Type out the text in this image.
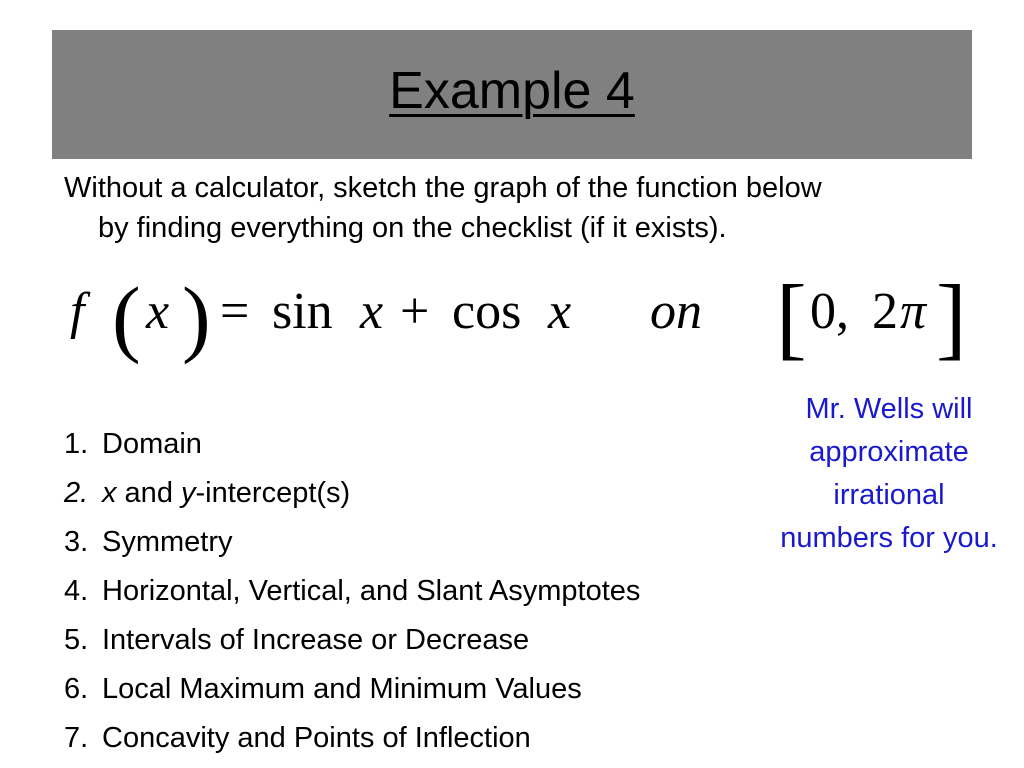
Example 4
Without a calculator, sketch the graph of the function below
by finding everything on the checklist (if it exists).
f ( x ) = sin x + cos x on [ 0, 2 π ]
Mr. Wells will approximate irrational numbers for you.
1. Domain
2. x and y-intercept(s)
3. Symmetry
4. Horizontal, Vertical, and Slant Asymptotes
5. Intervals of Increase or Decrease
6. Local Maximum and Minimum Values
7. Concavity and Points of Inflection
